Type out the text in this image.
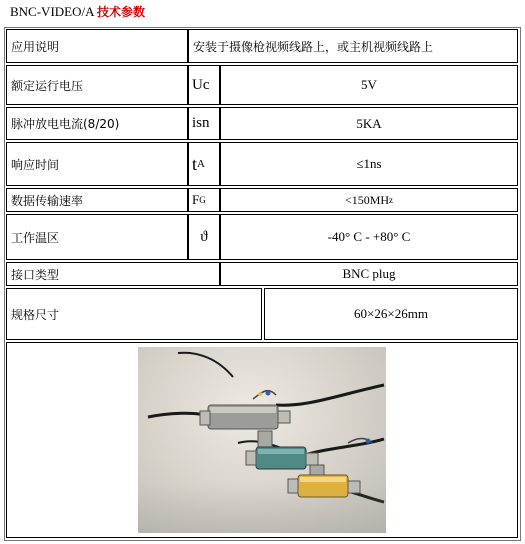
BNC-VIDEO/A 技术参数
应用说明	安装于摄像枪视频线路上，或主机视频线路上
额定运行电压	Uc	5V
脉冲放电电流(8/20)	isn	5KA
响应时间	t A	≤1ns
数据传输速率	F G	<150MH z
工作温区	ϑ	-40° C - +80° C
接口类型	BNC plug
规格尺寸	60×26×26mm
